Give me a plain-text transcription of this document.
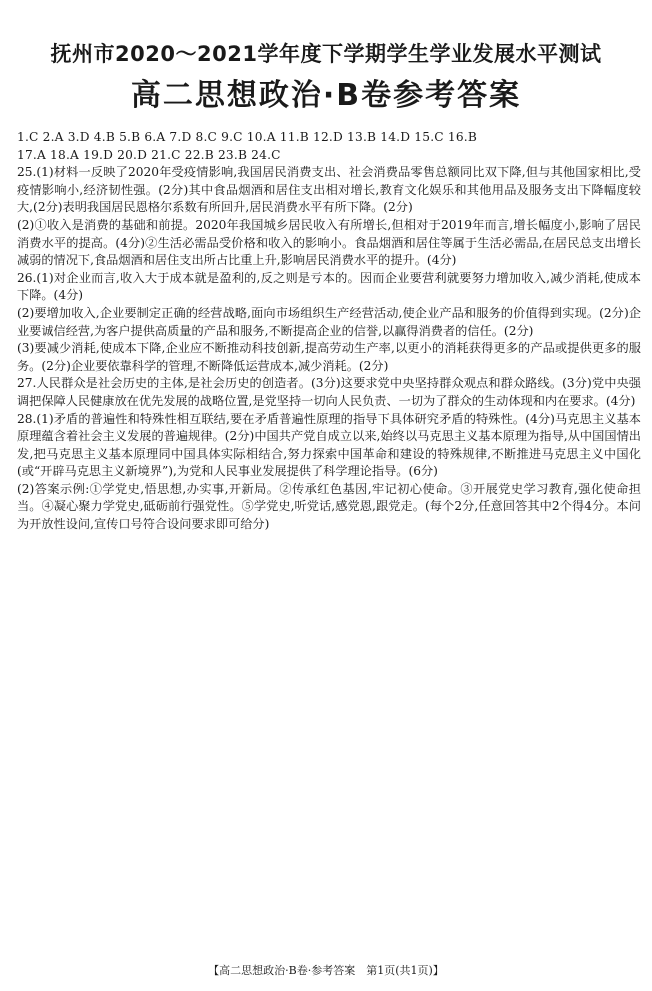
抚州市2020～2021学年度下学期学生学业发展水平测试
高二思想政治·B卷参考答案

1.C 2.A 3.D 4.B 5.B 6.A 7.D 8.C 9.C 10.A 11.B 12.D 13.B 14.D 15.C 16.B

17.A 18.A 19.D 20.D 21.C 22.B 23.B 24.C

25.(1)材料一反映了2020年受疫情影响,我国居民消费支出、社会消费品零售总额同比双下降,但与其他国家相比,受疫情影响小,经济韧性强。(2分)其中食品烟酒和居住支出相对增长,教育文化娱乐和其他用品及服务支出下降幅度较大,(2分)表明我国居民恩格尔系数有所回升,居民消费水平有所下降。(2分)

(2)①收入是消费的基础和前提。2020年我国城乡居民收入有所增长,但相对于2019年而言,增长幅度小,影响了居民消费水平的提高。(4分)②生活必需品受价格和收入的影响小。食品烟酒和居住等属于生活必需品,在居民总支出增长减弱的情况下,食品烟酒和居住支出所占比重上升,影响居民消费水平的提升。(4分)

26.(1)对企业而言,收入大于成本就是盈利的,反之则是亏本的。因而企业要营利就要努力增加收入,减少消耗,使成本下降。(4分)

(2)要增加收入,企业要制定正确的经营战略,面向市场组织生产经营活动,使企业产品和服务的价值得到实现。(2分)企业要诚信经营,为客户提供高质量的产品和服务,不断提高企业的信誉,以赢得消费者的信任。(2分)

(3)要减少消耗,使成本下降,企业应不断推动科技创新,提高劳动生产率,以更小的消耗获得更多的产品或提供更多的服务。(2分)企业要依靠科学的管理,不断降低运营成本,减少消耗。(2分)

27.人民群众是社会历史的主体,是社会历史的创造者。(3分)这要求党中央坚持群众观点和群众路线。(3分)党中央强调把保障人民健康放在优先发展的战略位置,是党坚持一切向人民负责、一切为了群众的生动体现和内在要求。(4分)

28.(1)矛盾的普遍性和特殊性相互联结,要在矛盾普遍性原理的指导下具体研究矛盾的特殊性。(4分)马克思主义基本原理蕴含着社会主义发展的普遍规律。(2分)中国共产党自成立以来,始终以马克思主义基本原理为指导,从中国国情出发,把马克思主义基本原理同中国具体实际相结合,努力探索中国革命和建设的特殊规律,不断推进马克思主义中国化(或“开辟马克思主义新境界”),为党和人民事业发展提供了科学理论指导。(6分)

(2)答案示例:①学党史,悟思想,办实事,开新局。②传承红色基因,牢记初心使命。③开展党史学习教育,强化使命担当。④凝心聚力学党史,砥砺前行强党性。⑤学党史,听党话,感党恩,跟党走。(每个2分,任意回答其中2个得4分。本问为开放性设问,宣传口号符合设问要求即可给分)

【高二思想政治·B卷·参考答案　第1页(共1页)】
